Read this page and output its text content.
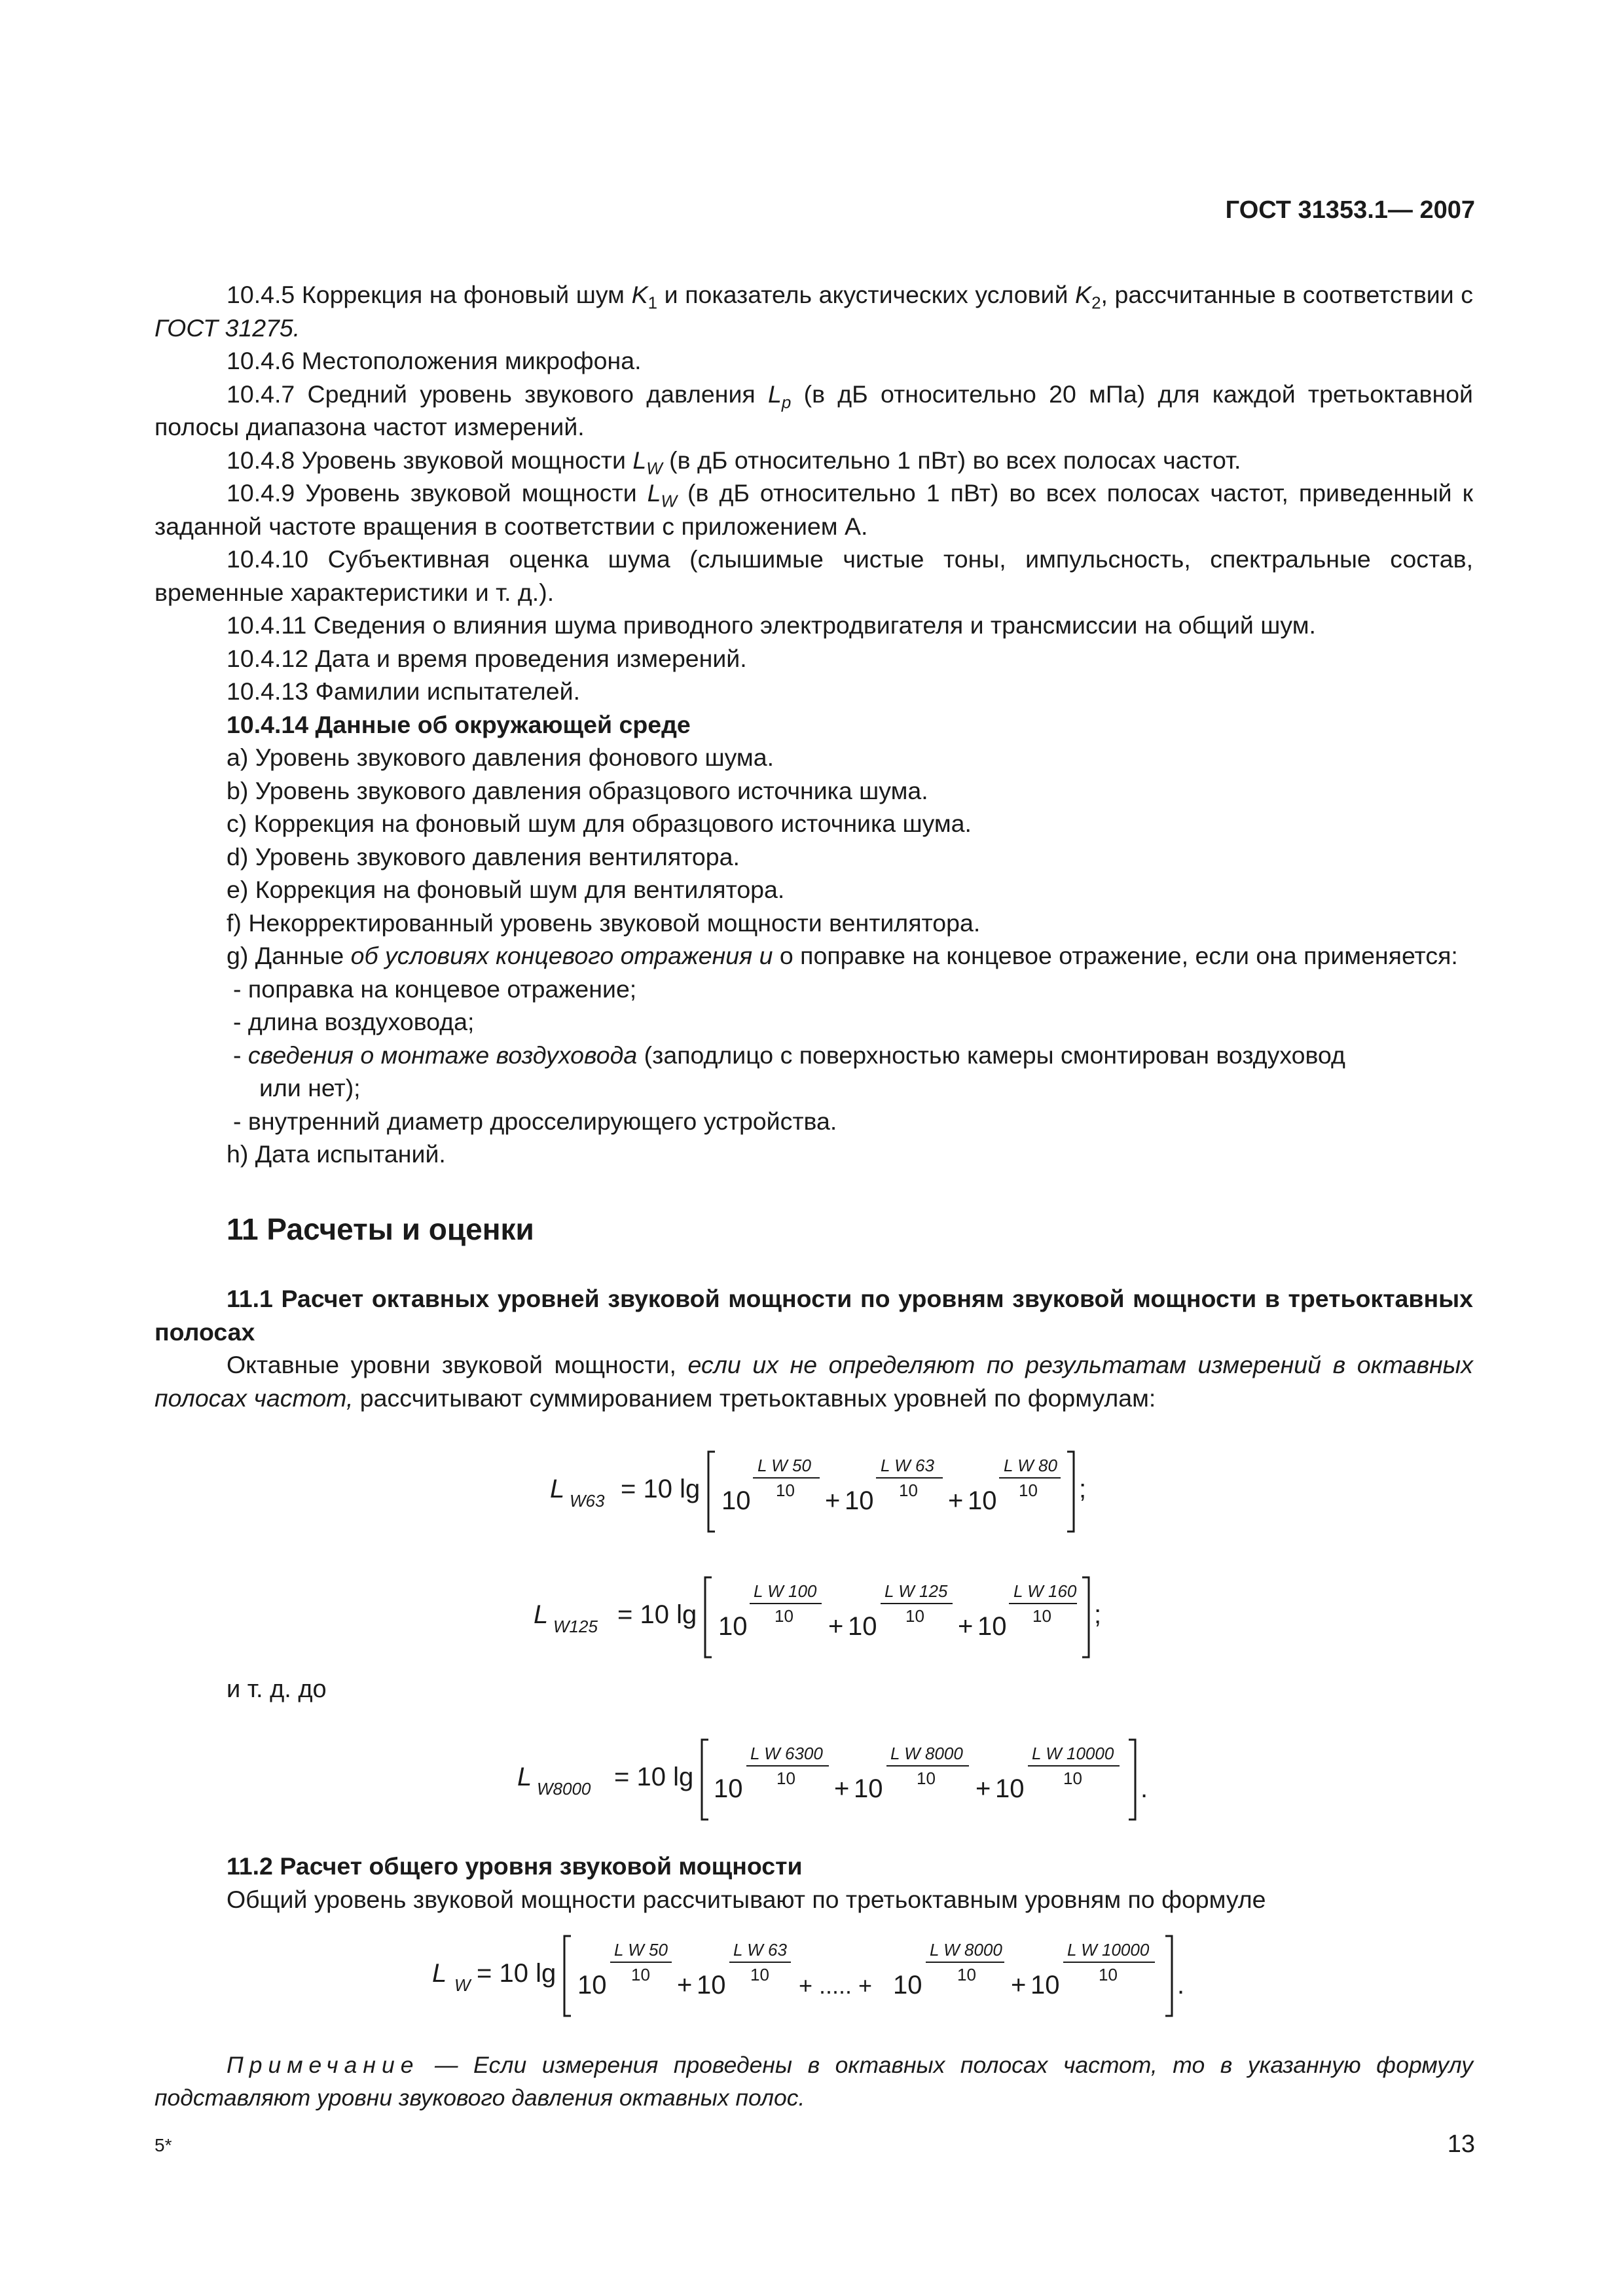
ГОСТ 31353.1— 2007

10.4.5 Коррекция на фоновый шум $K_1$ и показатель акустических условий $K_2$, рассчитанные в соответствии с ГОСТ 31275.

10.4.6 Местоположения микрофона.

10.4.7 Средний уровень звукового давления $L_p$ (в дБ относительно 20 мПа) для каждой третьоктавной полосы диапазона частот измерений.

10.4.8 Уровень звуковой мощности $L_W$ (в дБ относительно 1 пВт) во всех полосах частот.

10.4.9 Уровень звуковой мощности $L_W$ (в дБ относительно 1 пВт) во всех полосах частот, приведенный к заданной частоте вращения в соответствии с приложением А.

10.4.10 Субъективная оценка шума (слышимые чистые тоны, импульсность, спектральные состав, временные характеристики и т. д.).

10.4.11 Сведения о влияния шума приводного электродвигателя и трансмиссии на общий шум.

10.4.12 Дата и время проведения измерений.

10.4.13 Фамилии испытателей.

10.4.14 Данные об окружающей среде

a) Уровень звукового давления фонового шума.

b) Уровень звукового давления образцового источника шума.

c) Коррекция на фоновый шум для образцового источника шума.

d) Уровень звукового давления вентилятора.

e) Коррекция на фоновый шум для вентилятора.

f) Некорректированный уровень звуковой мощности вентилятора.

g) Данные об условиях концевого отражения и о поправке на концевое отражение, если она применяется:

- поправка на концевое отражение;

- длина воздуховода;

- сведения о монтаже воздуховода (заподлицо с поверхностью камеры смонтирован воздуховод

или нет);

- внутренний диаметр дросселирующего устройства.

h) Дата испытаний.

11 Расчеты и оценки

11.1 Расчет октавных уровней звуковой мощности по уровням звуковой мощности в третьоктавных полосах

Октавные уровни звуковой мощности, если их не определяют по результатам измерений в октавных полосах частот, рассчитывают суммированием третьоктавных уровней по формулам:

L W63 = 10 lg 10
L W 50
10 + 10
L W 63
10 + 10
L W 80
10 ;
L W125 = 10 lg 10
L W 100
10 + 10
L W 125
10 + 10
L W 160
10 ;
и т. д. до
L W8000 = 10 lg 10
L W 6300
10 + 10
L W 8000
10 + 10
L W 10000
10 .

11.2 Расчет общего уровня звуковой мощности

Общий уровень звуковой мощности рассчитывают по третьоктавным уровням по формуле

L W = 10 lg 10
L W 50
10 + 10
L W 63
10 + ..... + 10
L W 8000
10 + 10
L W 10000
10 .
Примечание — Если измерения проведены в октавных полосах частот, то в указанную формулу подставляют уровни звукового давления октавных полос.
5*	13
